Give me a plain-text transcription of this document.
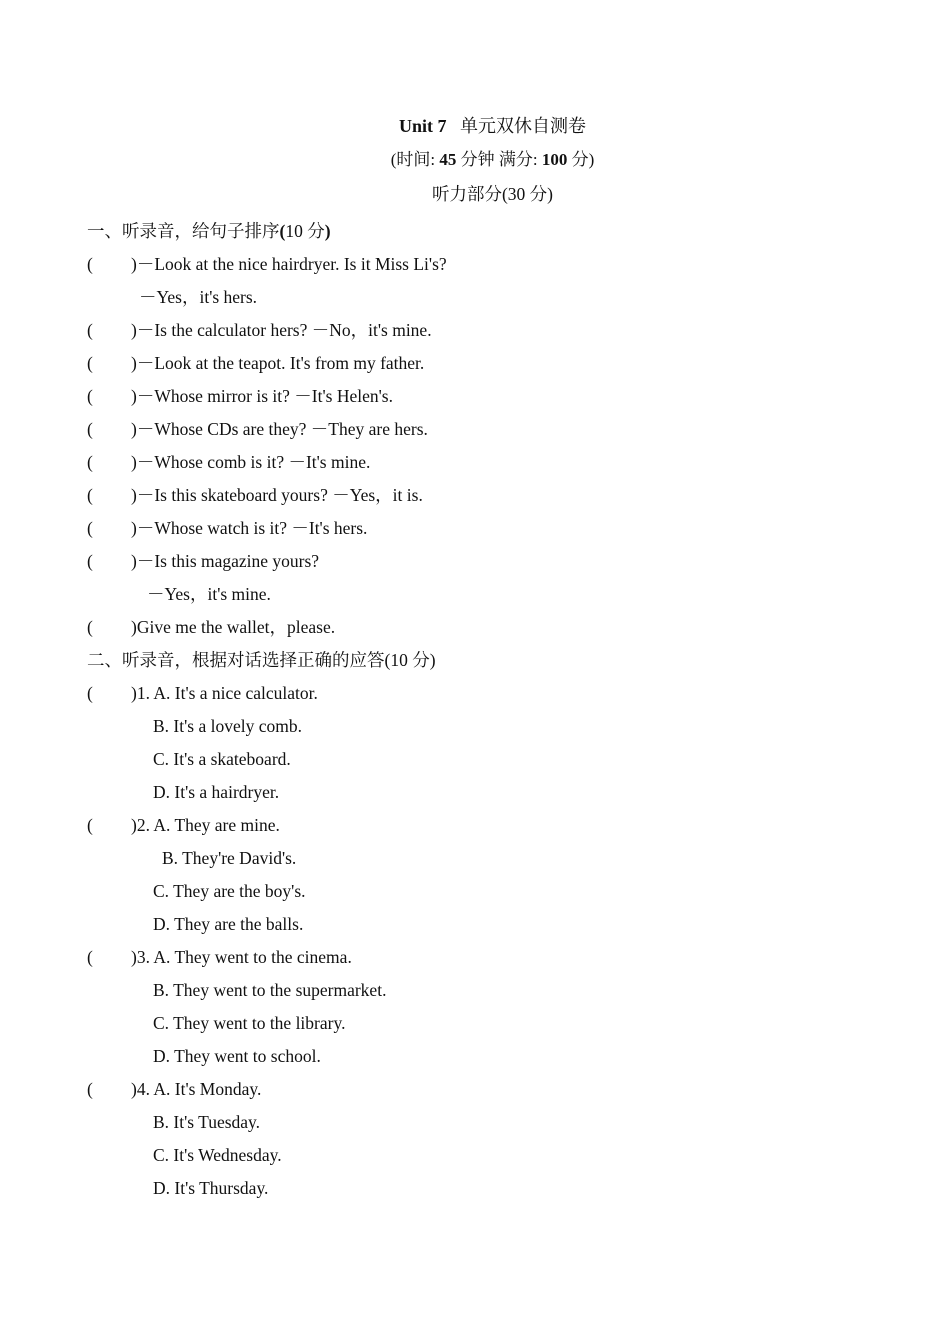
Unit 7 单元双休自测卷
(时间: 45 分钟 满分: 100 分)
听力部分(30 分)
一、听录音，给句子排序(10 分)
( )－Look at the nice hairdryer. Is it Miss Li's?
－Yes，it's hers.
( )－Is the calculator hers? －No，it's mine.
( )－Look at the teapot. It's from my father.
( )－Whose mirror is it? －It's Helen's.
( )－Whose CDs are they? －They are hers.
( )－Whose comb is it? －It's mine.
( )－Is this skateboard yours? －Yes，it is.
( )－Whose watch is it? －It's hers.
( )－Is this magazine yours?
－Yes，it's mine.
( )Give me the wallet，please.
二、听录音，根据对话选择正确的应答(10 分)
( )1. A. It's a nice calculator.
B. It's a lovely comb.
C. It's a skateboard.
D. It's a hairdryer.
( )2. A. They are mine.
B. They're David's.
C. They are the boy's.
D. They are the balls.
( )3. A. They went to the cinema.
B. They went to the supermarket.
C. They went to the library.
D. They went to school.
( )4. A. It's Monday.
B. It's Tuesday.
C. It's Wednesday.
D. It's Thursday.
